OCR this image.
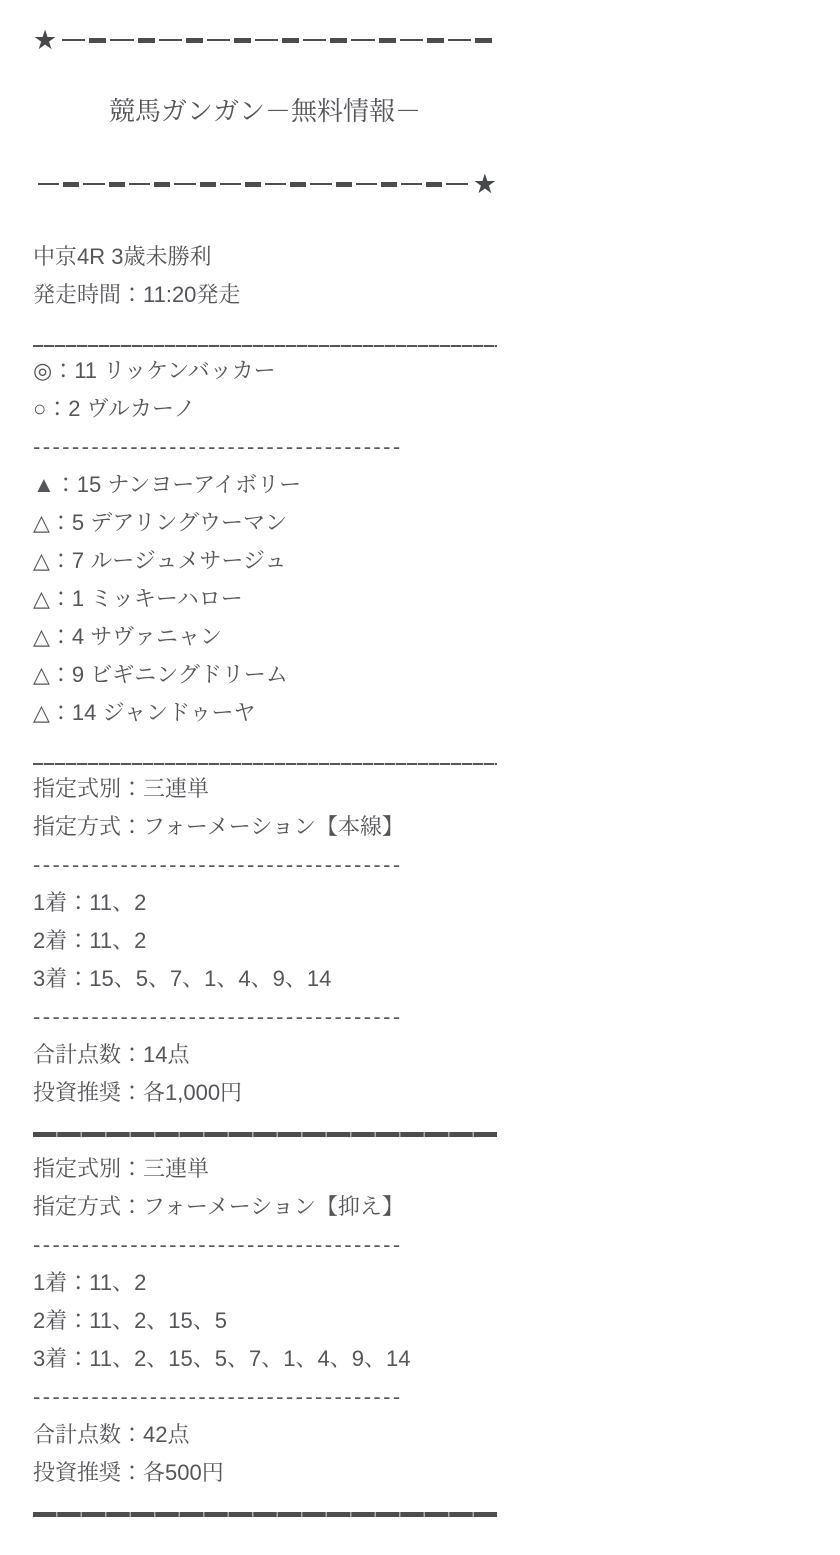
★
競馬ガンガン－無料情報－
★
中京4R 3歳未勝利
発走時間：11:20発走
◎：11 リッケンバッカー
○：2 ヴルカーノ
--------------------------------------
▲：15 ナンヨーアイボリー
△：5 デアリングウーマン
△：7 ルージュメサージュ
△：1 ミッキーハロー
△：4 サヴァニャン
△：9 ビギニングドリーム
△：14 ジャンドゥーヤ
指定式別：三連単
指定方式：フォーメーション【本線】
--------------------------------------
1着：11、2
2着：11、2
3着：15、5、7、1、4、9、14
--------------------------------------
合計点数：14点
投資推奨：各1,000円
指定式別：三連単
指定方式：フォーメーション【抑え】
--------------------------------------
1着：11、2
2着：11、2、15、5
3着：11、2、15、5、7、1、4、9、14
--------------------------------------
合計点数：42点
投資推奨：各500円
